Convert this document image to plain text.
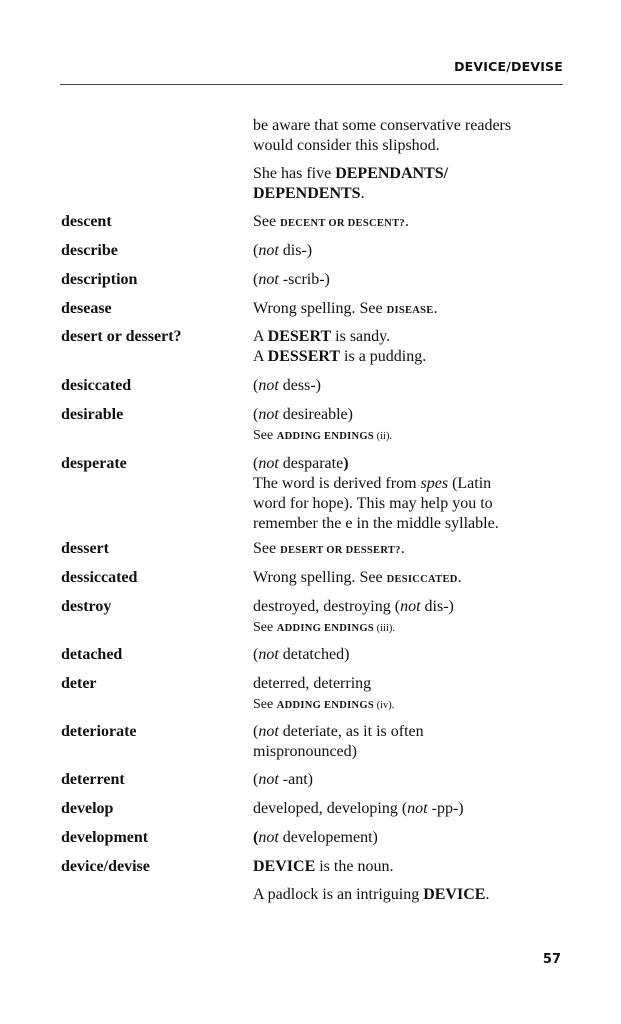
DEVICE/DEVISE
be aware that some conservative readers
would consider this slipshod.
She has five DEPENDANTS/
DEPENDENTS.
descent	See DECENT OR DESCENT?.
describe	(not dis-)
description	(not -scrib-)
desease	Wrong spelling. See DISEASE.
desert or dessert?	A DESERT is sandy.
A DESSERT is a pudding.
desiccated	(not dess-)
desirable	(not desireable)
See ADDING ENDINGS (ii).
desperate	(not desparate)
The word is derived from spes (Latin
word for hope). This may help you to
remember the e in the middle syllable.
dessert	See DESERT OR DESSERT?.
dessiccated	Wrong spelling. See DESICCATED.
destroy	destroyed, destroying (not dis-)
See ADDING ENDINGS (iii).
detached	(not detatched)
deter	deterred, deterring
See ADDING ENDINGS (iv).
deteriorate	(not deteriate, as it is often
mispronounced)
deterrent	(not -ant)
develop	developed, developing (not -pp-)
development	(not developement)
device/devise	DEVICE is the noun.
A padlock is an intriguing DEVICE.
57
